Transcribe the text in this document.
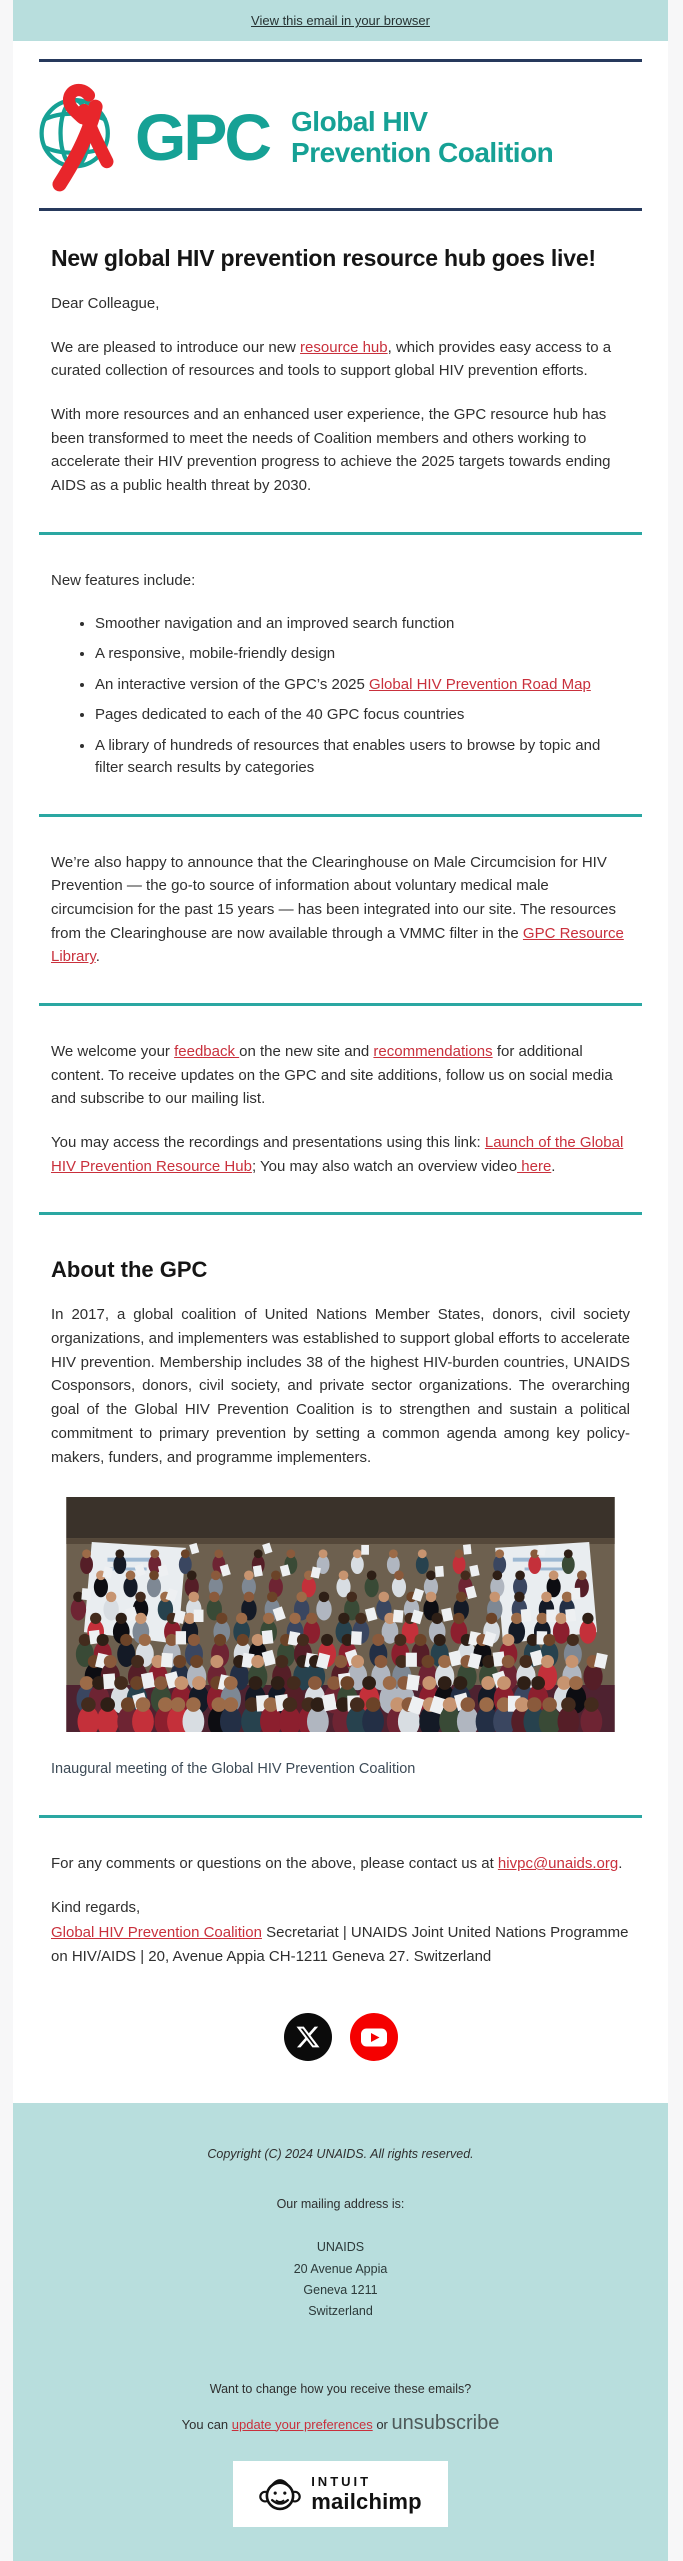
View this email in your browser
GPC Global HIV
Prevention Coalition
New global HIV prevention resource hub goes live!

Dear Colleague,

We are pleased to introduce our new resource hub, which provides easy access to a curated collection of resources and tools to support global HIV prevention efforts.

With more resources and an enhanced user experience, the GPC resource hub has been transformed to meet the needs of Coalition members and others working to accelerate their HIV prevention progress to achieve the 2025 targets towards ending AIDS as a public health threat by 2030.

New features include:

• Smoother navigation and an improved search function
• A responsive, mobile-friendly design
• An interactive version of the GPC’s 2025 Global HIV Prevention Road Map
• Pages dedicated to each of the 40 GPC focus countries
• A library of hundreds of resources that enables users to browse by topic and filter search results by categories

We’re also happy to announce that the Clearinghouse on Male Circumcision for HIV Prevention — the go-to source of information about voluntary medical male circumcision for the past 15 years — has been integrated into our site. The resources from the Clearinghouse are now available through a VMMC filter in the GPC Resource Library.

We welcome your feedback on the new site and recommendations for additional content. To receive updates on the GPC and site additions, follow us on social media and subscribe to our mailing list.

You may access the recordings and presentations using this link: Launch of the Global HIV Prevention Resource Hub; You may also watch an overview video here.

About the GPC

In 2017, a global coalition of United Nations Member States, donors, civil society organizations, and implementers was established to support global efforts to accelerate HIV prevention. Membership includes 38 of the highest HIV-burden countries, UNAIDS Cosponsors, donors, civil society, and private sector organizations. The overarching goal of the Global HIV Prevention Coalition is to strengthen and sustain a political commitment to primary prevention by setting a common agenda among key policy-makers, funders, and programme implementers.

Inaugural meeting of the Global HIV Prevention Coalition

For any comments or questions on the above, please contact us at hivpc@unaids.org.

Kind regards,

Global HIV Prevention Coalition Secretariat | UNAIDS Joint United Nations Programme on HIV/AIDS | 20, Avenue Appia CH-1211 Geneva 27. Switzerland

Copyright (C) 2024 UNAIDS. All rights reserved.

Our mailing address is:

UNAIDS
20 Avenue Appia
Geneva 1211
Switzerland

Want to change how you receive these emails?

You can update your preferences or unsubscribe

INTUIT
mailchimp
